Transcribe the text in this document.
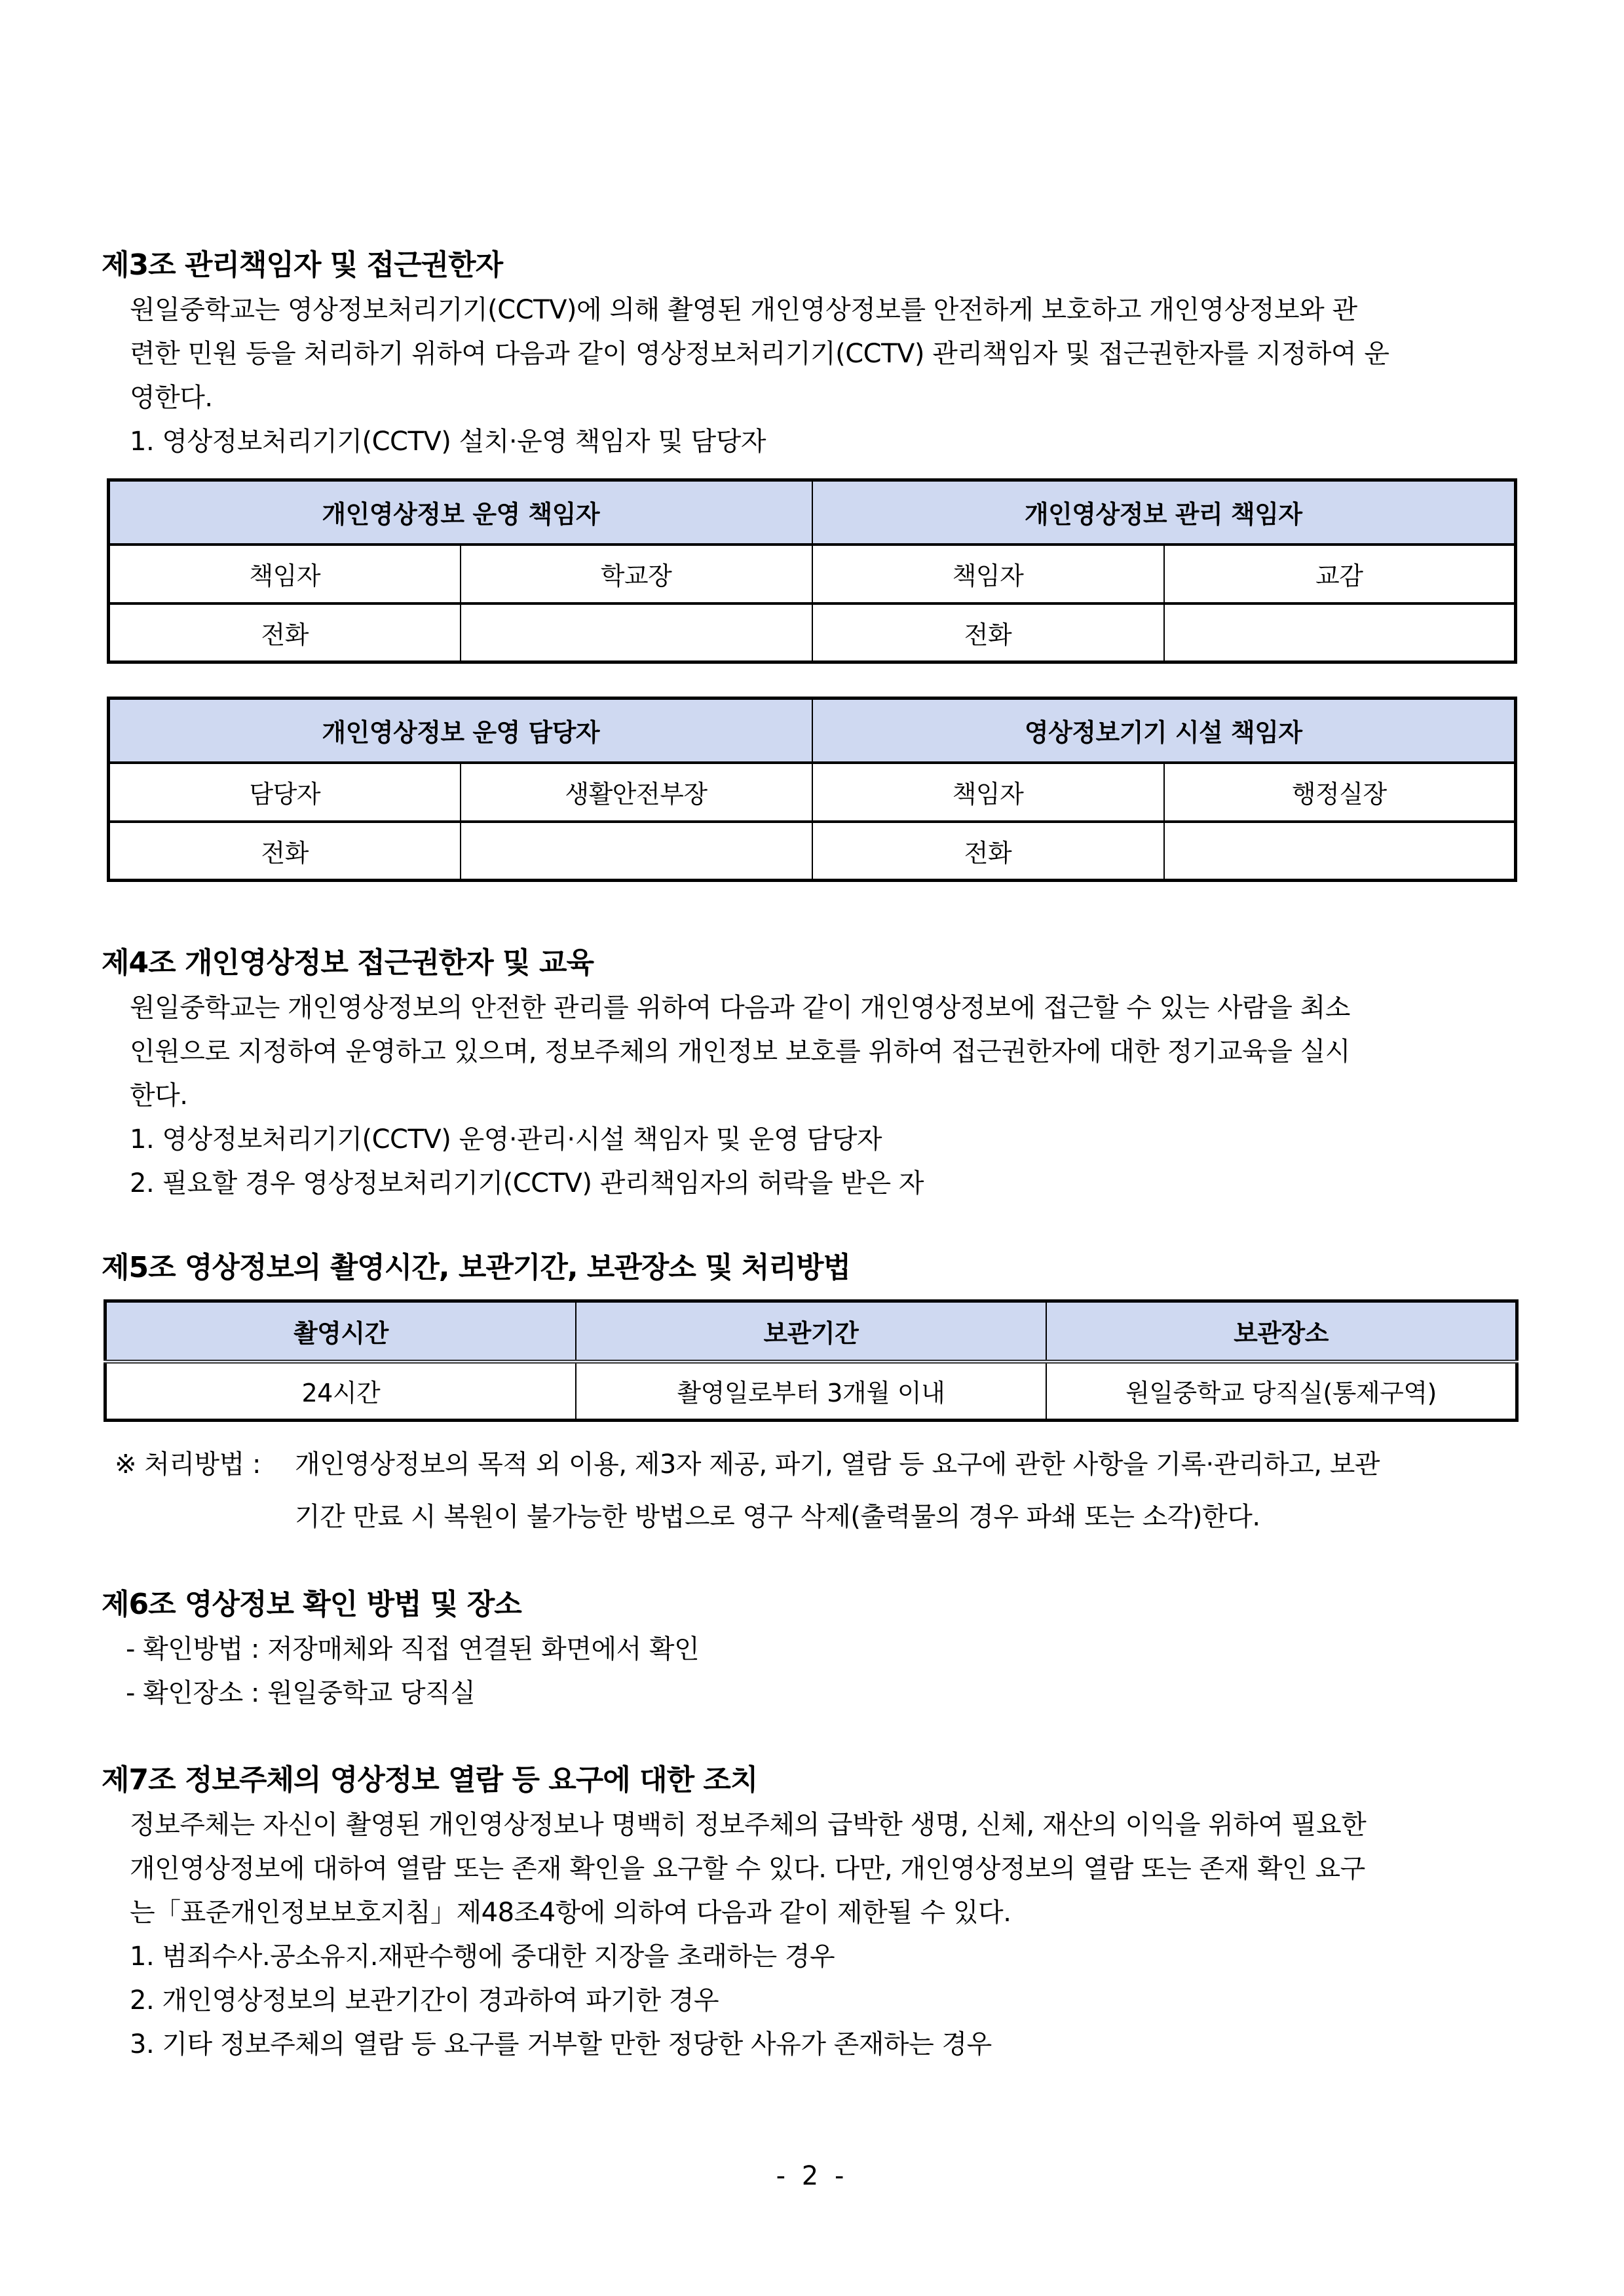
제3조 관리책임자 및 접근권한자
원일중학교는 영상정보처리기기(CCTV)에 의해 촬영된 개인영상정보를 안전하게 보호하고 개인영상정보와 관
련한 민원 등을 처리하기 위하여 다음과 같이 영상정보처리기기(CCTV) 관리책임자 및 접근권한자를 지정하여 운
영한다.
1. 영상정보처리기기(CCTV) 설치·운영 책임자 및 담당자
개인영상정보 운영 책임자		개인영상정보 관리 책임자	
책임자	학교장	책임자	교감
전화		전화	
개인영상정보 운영 담당자		영상정보기기 시설 책임자	
담당자	생활안전부장	책임자	행정실장
전화		전화	
제4조 개인영상정보 접근권한자 및 교육
원일중학교는 개인영상정보의 안전한 관리를 위하여 다음과 같이 개인영상정보에 접근할 수 있는 사람을 최소
인원으로 지정하여 운영하고 있으며, 정보주체의 개인정보 보호를 위하여 접근권한자에 대한 정기교육을 실시
한다.
1. 영상정보처리기기(CCTV) 운영·관리·시설 책임자 및 운영 담당자
2. 필요할 경우 영상정보처리기기(CCTV) 관리책임자의 허락을 받은 자
제5조 영상정보의 촬영시간, 보관기간, 보관장소 및 처리방법
촬영시간	보관기간	보관장소
24시간	촬영일로부터 3개월 이내	원일중학교 당직실(통제구역)
※ 처리방법 :	개인영상정보의 목적 외 이용, 제3자 제공, 파기, 열람 등 요구에 관한 사항을 기록·관리하고, 보관
기간 만료 시 복원이 불가능한 방법으로 영구 삭제(출력물의 경우 파쇄 또는 소각)한다.
제6조 영상정보 확인 방법 및 장소
- 확인방법 : 저장매체와 직접 연결된 화면에서 확인
- 확인장소 : 원일중학교 당직실
제7조 정보주체의 영상정보 열람 등 요구에 대한 조치
정보주체는 자신이 촬영된 개인영상정보나 명백히 정보주체의 급박한 생명, 신체, 재산의 이익을 위하여 필요한
개인영상정보에 대하여 열람 또는 존재 확인을 요구할 수 있다. 다만, 개인영상정보의 열람 또는 존재 확인 요구
는「표준개인정보보호지침」제48조4항에 의하여 다음과 같이 제한될 수 있다.
1. 범죄수사.공소유지.재판수행에 중대한 지장을 초래하는 경우
2. 개인영상정보의 보관기간이 경과하여 파기한 경우
3. 기타 정보주체의 열람 등 요구를 거부할 만한 정당한 사유가 존재하는 경우
- 2 -
